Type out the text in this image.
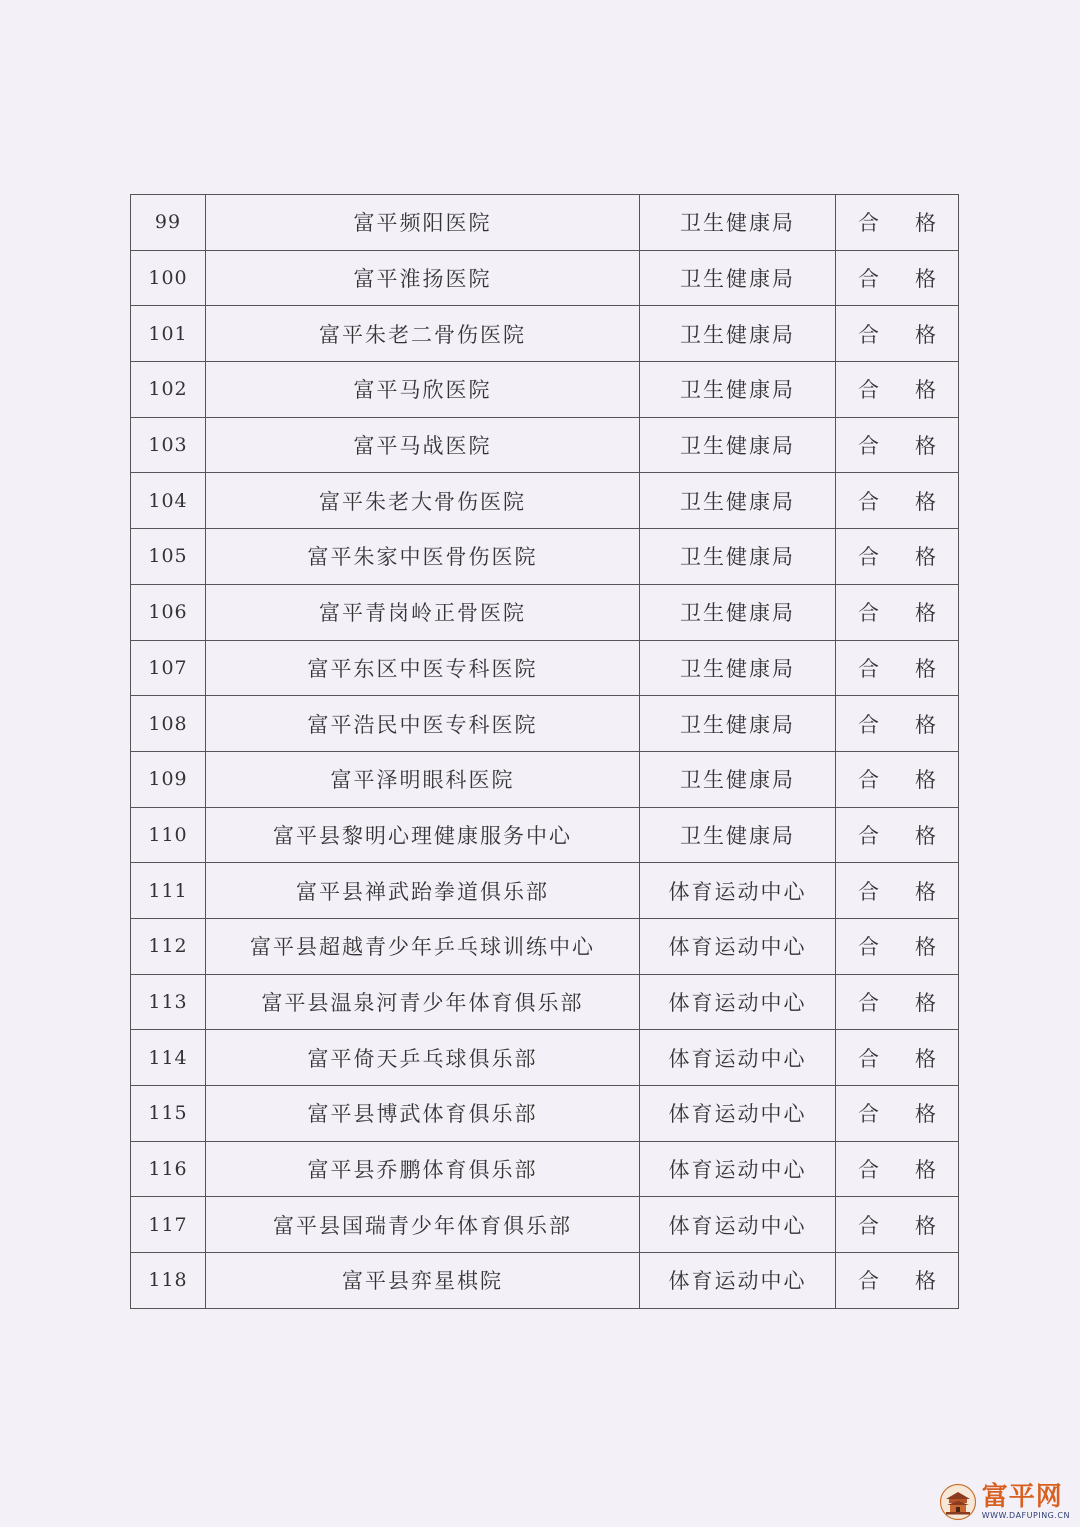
99	富平频阳医院	卫生健康局	合格
100	富平淮扬医院	卫生健康局	合格
101	富平朱老二骨伤医院	卫生健康局	合格
102	富平马欣医院	卫生健康局	合格
103	富平马战医院	卫生健康局	合格
104	富平朱老大骨伤医院	卫生健康局	合格
105	富平朱家中医骨伤医院	卫生健康局	合格
106	富平青岗岭正骨医院	卫生健康局	合格
107	富平东区中医专科医院	卫生健康局	合格
108	富平浩民中医专科医院	卫生健康局	合格
109	富平泽明眼科医院	卫生健康局	合格
110	富平县黎明心理健康服务中心	卫生健康局	合格
111	富平县禅武跆拳道俱乐部	体育运动中心	合格
112	富平县超越青少年乒乓球训练中心	体育运动中心	合格
113	富平县温泉河青少年体育俱乐部	体育运动中心	合格
114	富平倚天乒乓球俱乐部	体育运动中心	合格
115	富平县博武体育俱乐部	体育运动中心	合格
116	富平县乔鹏体育俱乐部	体育运动中心	合格
117	富平县国瑞青少年体育俱乐部	体育运动中心	合格
118	富平县弈星棋院	体育运动中心	合格
富平网
WWW.DAFUPING.CN
